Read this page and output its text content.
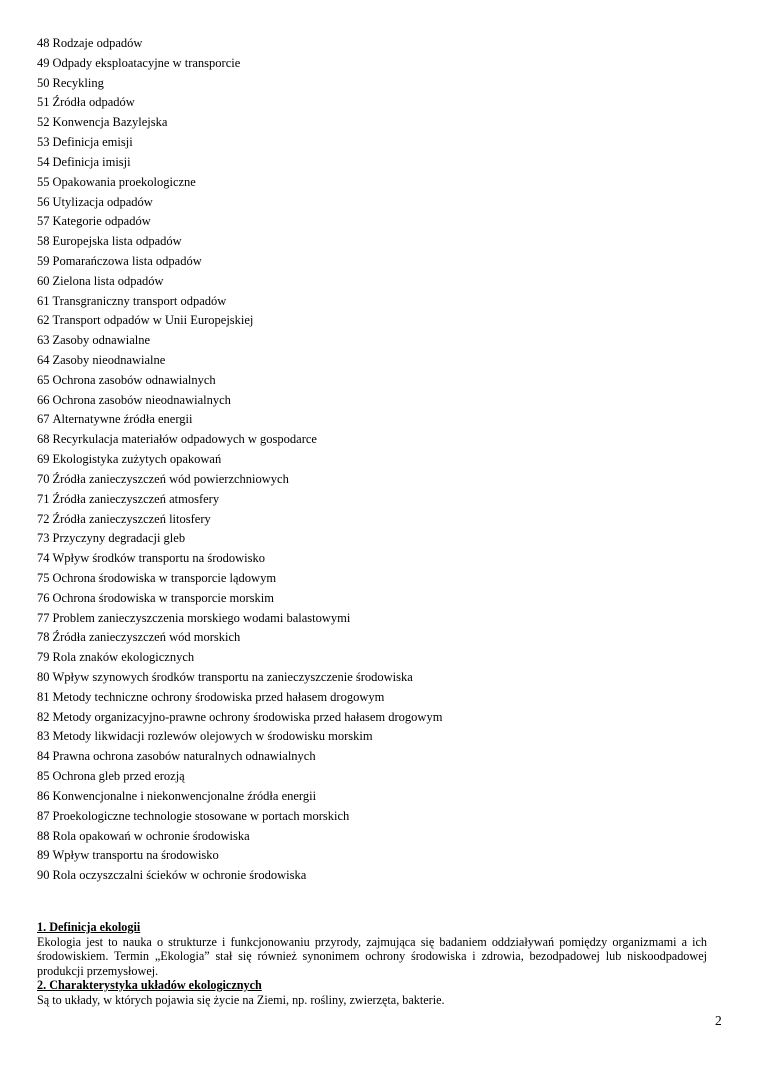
48 Rodzaje odpadów
49 Odpady eksploatacyjne w transporcie
50 Recykling
51 Źródła odpadów
52 Konwencja Bazylejska
53 Definicja emisji
54 Definicja imisji
55 Opakowania proekologiczne
56 Utylizacja odpadów
57 Kategorie odpadów
58 Europejska lista odpadów
59 Pomarańczowa lista odpadów
60 Zielona lista odpadów
61 Transgraniczny transport odpadów
62 Transport odpadów w Unii Europejskiej
63 Zasoby odnawialne
64 Zasoby nieodnawialne
65 Ochrona zasobów odnawialnych
66 Ochrona zasobów nieodnawialnych
67 Alternatywne źródła energii
68 Recyrkulacja materiałów odpadowych w gospodarce
69 Ekologistyka zużytych opakowań
70 Źródła zanieczyszczeń wód powierzchniowych
71 Źródła zanieczyszczeń atmosfery
72 Źródła zanieczyszczeń litosfery
73 Przyczyny degradacji gleb
74 Wpływ środków transportu na środowisko
75 Ochrona środowiska w transporcie lądowym
76 Ochrona środowiska w transporcie morskim
77 Problem zanieczyszczenia morskiego wodami balastowymi
78 Źródła zanieczyszczeń wód morskich
79 Rola znaków ekologicznych
80 Wpływ szynowych środków transportu na zanieczyszczenie środowiska
81 Metody techniczne ochrony środowiska przed hałasem drogowym
82 Metody organizacyjno-prawne ochrony środowiska przed hałasem drogowym
83 Metody likwidacji rozlewów olejowych w środowisku morskim
84 Prawna ochrona zasobów naturalnych odnawialnych
85 Ochrona gleb przed erozją
86 Konwencjonalne i niekonwencjonalne źródła energii
87 Proekologiczne technologie stosowane w portach morskich
88 Rola opakowań w ochronie środowiska
89 Wpływ transportu na środowisko
90 Rola oczyszczalni ścieków w ochronie środowiska
1. Definicja ekologii

Ekologia jest to nauka o strukturze i funkcjonowaniu przyrody, zajmująca się badaniem oddziaływań pomiędzy organizmami a ich środowiskiem. Termin „Ekologia” stał się również synonimem ochrony środowiska i zdrowia, bezodpadowej lub niskoodpadowej produkcji przemysłowej.

2. Charakterystyka układów ekologicznych

Są to układy, w których pojawia się życie na Ziemi, np. rośliny, zwierzęta, bakterie.

2
